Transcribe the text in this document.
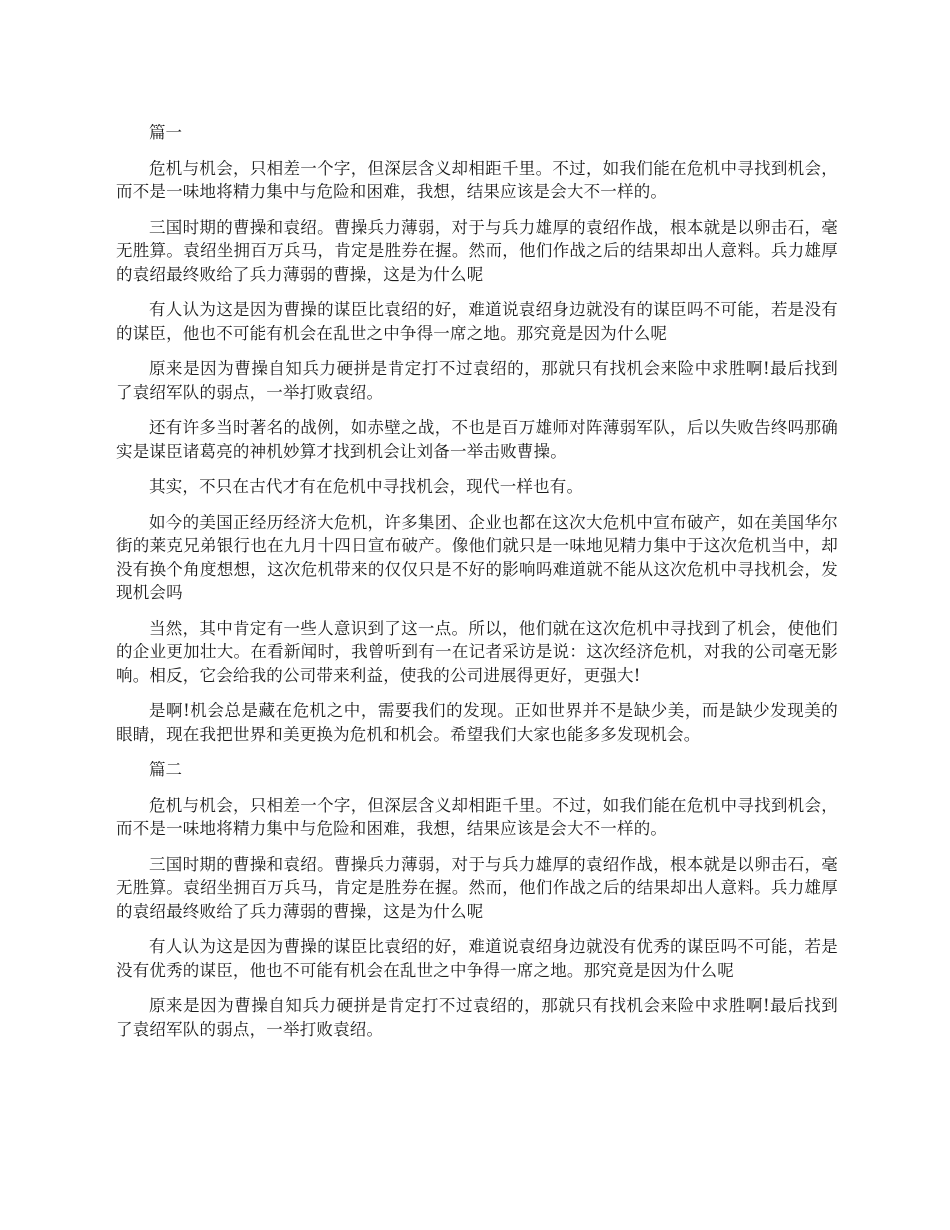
篇一

危机与机会，只相差一个字，但深层含义却相距千里。不过，如我们能在危机中寻找到机会，而不是一味地将精力集中与危险和困难，我想，结果应该是会大不一样的。

三国时期的曹操和袁绍。曹操兵力薄弱，对于与兵力雄厚的袁绍作战，根本就是以卵击石，毫无胜算。袁绍坐拥百万兵马，肯定是胜券在握。然而，他们作战之后的结果却出人意料。兵力雄厚的袁绍最终败给了兵力薄弱的曹操，这是为什么呢

有人认为这是因为曹操的谋臣比袁绍的好，难道说袁绍身边就没有的谋臣吗不可能，若是没有的谋臣，他也不可能有机会在乱世之中争得一席之地。那究竟是因为什么呢

原来是因为曹操自知兵力硬拼是肯定打不过袁绍的，那就只有找机会来险中求胜啊!最后找到了袁绍军队的弱点，一举打败袁绍。

还有许多当时著名的战例，如赤壁之战，不也是百万雄师对阵薄弱军队，后以失败告终吗那确实是谋臣诸葛亮的神机妙算才找到机会让刘备一举击败曹操。

其实，不只在古代才有在危机中寻找机会，现代一样也有。

如今的美国正经历经济大危机，许多集团、企业也都在这次大危机中宣布破产，如在美国华尔街的莱克兄弟银行也在九月十四日宣布破产。像他们就只是一味地见精力集中于这次危机当中，却没有换个角度想想，这次危机带来的仅仅只是不好的影响吗难道就不能从这次危机中寻找机会，发现机会吗

当然，其中肯定有一些人意识到了这一点。所以，他们就在这次危机中寻找到了机会，使他们的企业更加壮大。在看新闻时，我曾听到有一在记者采访是说：这次经济危机，对我的公司毫无影响。相反，它会给我的公司带来利益，使我的公司进展得更好，更强大!

是啊!机会总是藏在危机之中，需要我们的发现。正如世界并不是缺少美，而是缺少发现美的眼睛，现在我把世界和美更换为危机和机会。希望我们大家也能多多发现机会。

篇二

危机与机会，只相差一个字，但深层含义却相距千里。不过，如我们能在危机中寻找到机会，而不是一味地将精力集中与危险和困难，我想，结果应该是会大不一样的。

三国时期的曹操和袁绍。曹操兵力薄弱，对于与兵力雄厚的袁绍作战，根本就是以卵击石，毫无胜算。袁绍坐拥百万兵马，肯定是胜券在握。然而，他们作战之后的结果却出人意料。兵力雄厚的袁绍最终败给了兵力薄弱的曹操，这是为什么呢

有人认为这是因为曹操的谋臣比袁绍的好，难道说袁绍身边就没有优秀的谋臣吗不可能，若是没有优秀的谋臣，他也不可能有机会在乱世之中争得一席之地。那究竟是因为什么呢

原来是因为曹操自知兵力硬拼是肯定打不过袁绍的，那就只有找机会来险中求胜啊!最后找到了袁绍军队的弱点，一举打败袁绍。
